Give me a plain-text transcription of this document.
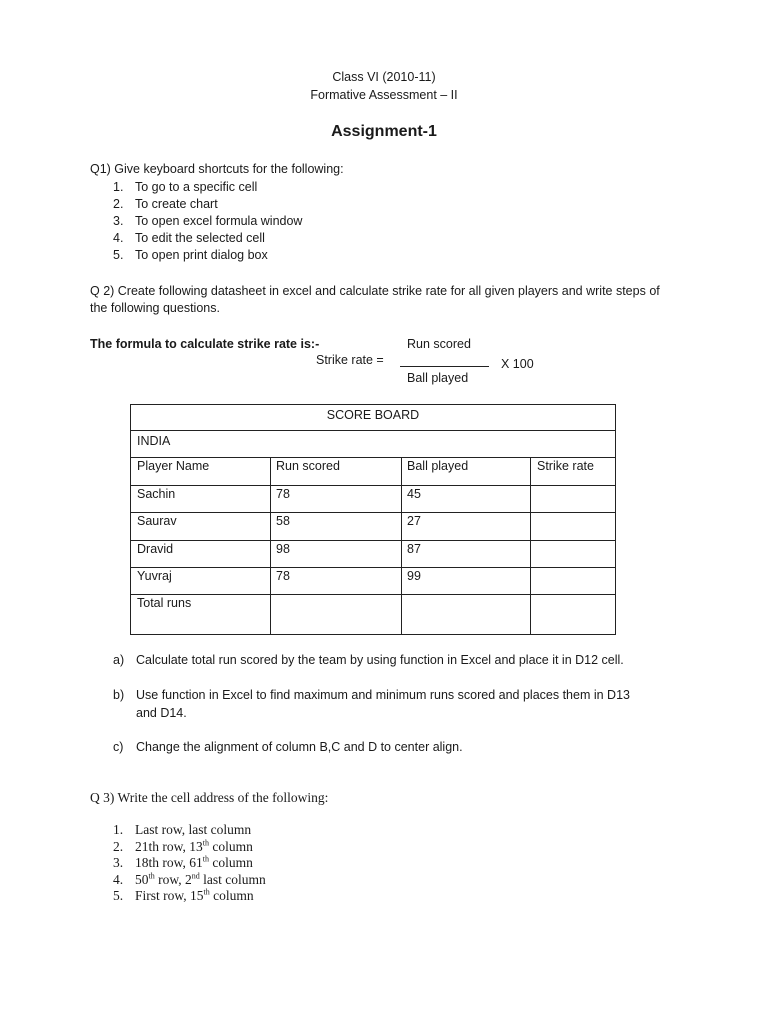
Class VI (2010-11)
Formative Assessment – II
Assignment-1
Q1) Give keyboard shortcuts for the following:
1. To go to a specific cell
2. To create chart
3. To open excel formula window
4. To edit the selected cell
5. To open print dialog box
Q 2) Create following datasheet in excel and calculate strike rate for all given players and write steps of
the following questions.
The formula to calculate strike rate is:-	Run scored
Strike rate =	X 100
Ball played
SCORE BOARD
INDIA
Player Name	Run scored	Ball played	Strike rate
Sachin	78	45
Saurav	58	27
Dravid	98	87
Yuvraj	78	99
Total runs
a) Calculate total run scored by the team by using function in Excel and place it in D12 cell.
b) Use function in Excel to find maximum and minimum runs scored and places them in D13
and D14.
c) Change the alignment of column B,C and D to center align.
Q 3) Write the cell address of the following:
1. Last row, last column
2. 21th row, 13th column
3. 18th row, 61th column
4. 50th row, 2nd last column
5. First row, 15th column
